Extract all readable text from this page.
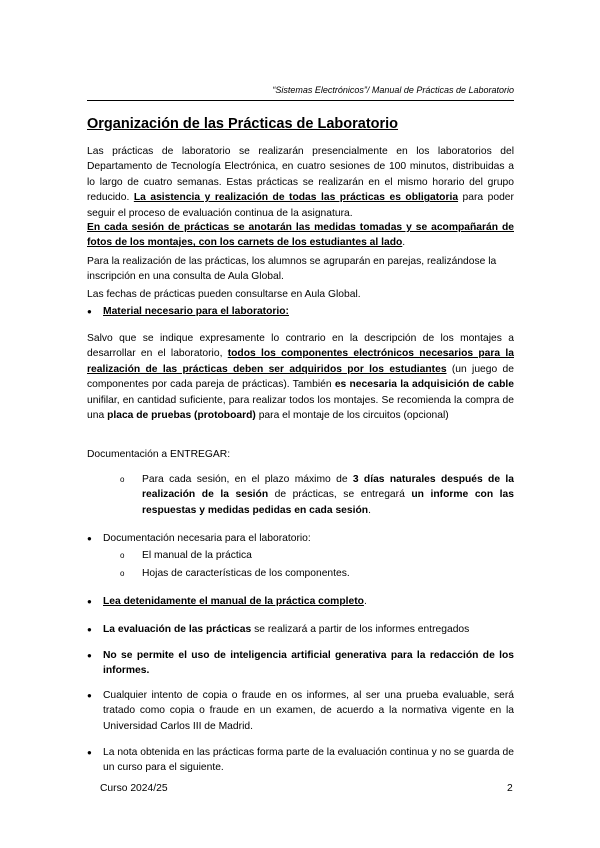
“Sistemas Electrónicos”/ Manual de Prácticas de Laboratorio
Organización de las Prácticas de Laboratorio
Las prácticas de laboratorio se realizarán presencialmente en los laboratorios del Departamento de Tecnología Electrónica, en cuatro sesiones de 100 minutos, distribuidas a lo largo de cuatro semanas. Estas prácticas se realizarán en el mismo horario del grupo reducido. La asistencia y realización de todas las prácticas es obligatoria para poder seguir el proceso de evaluación continua de la asignatura.
En cada sesión de prácticas se anotarán las medidas tomadas y se acompañarán de fotos de los montajes, con los carnets de los estudiantes al lado.
Para la realización de las prácticas, los alumnos se agruparán en parejas, realizándose la inscripción en una consulta de Aula Global.
Las fechas de prácticas pueden consultarse en Aula Global.
●	Material necesario para el laboratorio:
Salvo que se indique expresamente lo contrario en la descripción de los montajes a desarrollar en el laboratorio, todos los componentes electrónicos necesarios para la realización de las prácticas deben ser adquiridos por los estudiantes (un juego de componentes por cada pareja de prácticas). También es necesaria la adquisición de cable unifilar, en cantidad suficiente, para realizar todos los montajes. Se recomienda la compra de una placa de pruebas (protoboard) para el montaje de los circuitos (opcional)
Documentación a ENTREGAR:
o Para cada sesión, en el plazo máximo de 3 días naturales después de la realización de la sesión de prácticas, se entregará un informe con las respuestas y medidas pedidas en cada sesión.
●	Documentación necesaria para el laboratorio:
o El manual de la práctica
o Hojas de características de los componentes.
●	Lea detenidamente el manual de la práctica completo.
●	La evaluación de las prácticas se realizará a partir de los informes entregados
●	No se permite el uso de inteligencia artificial generativa para la redacción de los informes.
●	Cualquier intento de copia o fraude en os informes, al ser una prueba evaluable, será tratado como copia o fraude en un examen, de acuerdo a la normativa vigente en la Universidad Carlos III de Madrid.
●	La nota obtenida en las prácticas forma parte de la evaluación continua y no se guarda de un curso para el siguiente.
Curso 2024/25	2
